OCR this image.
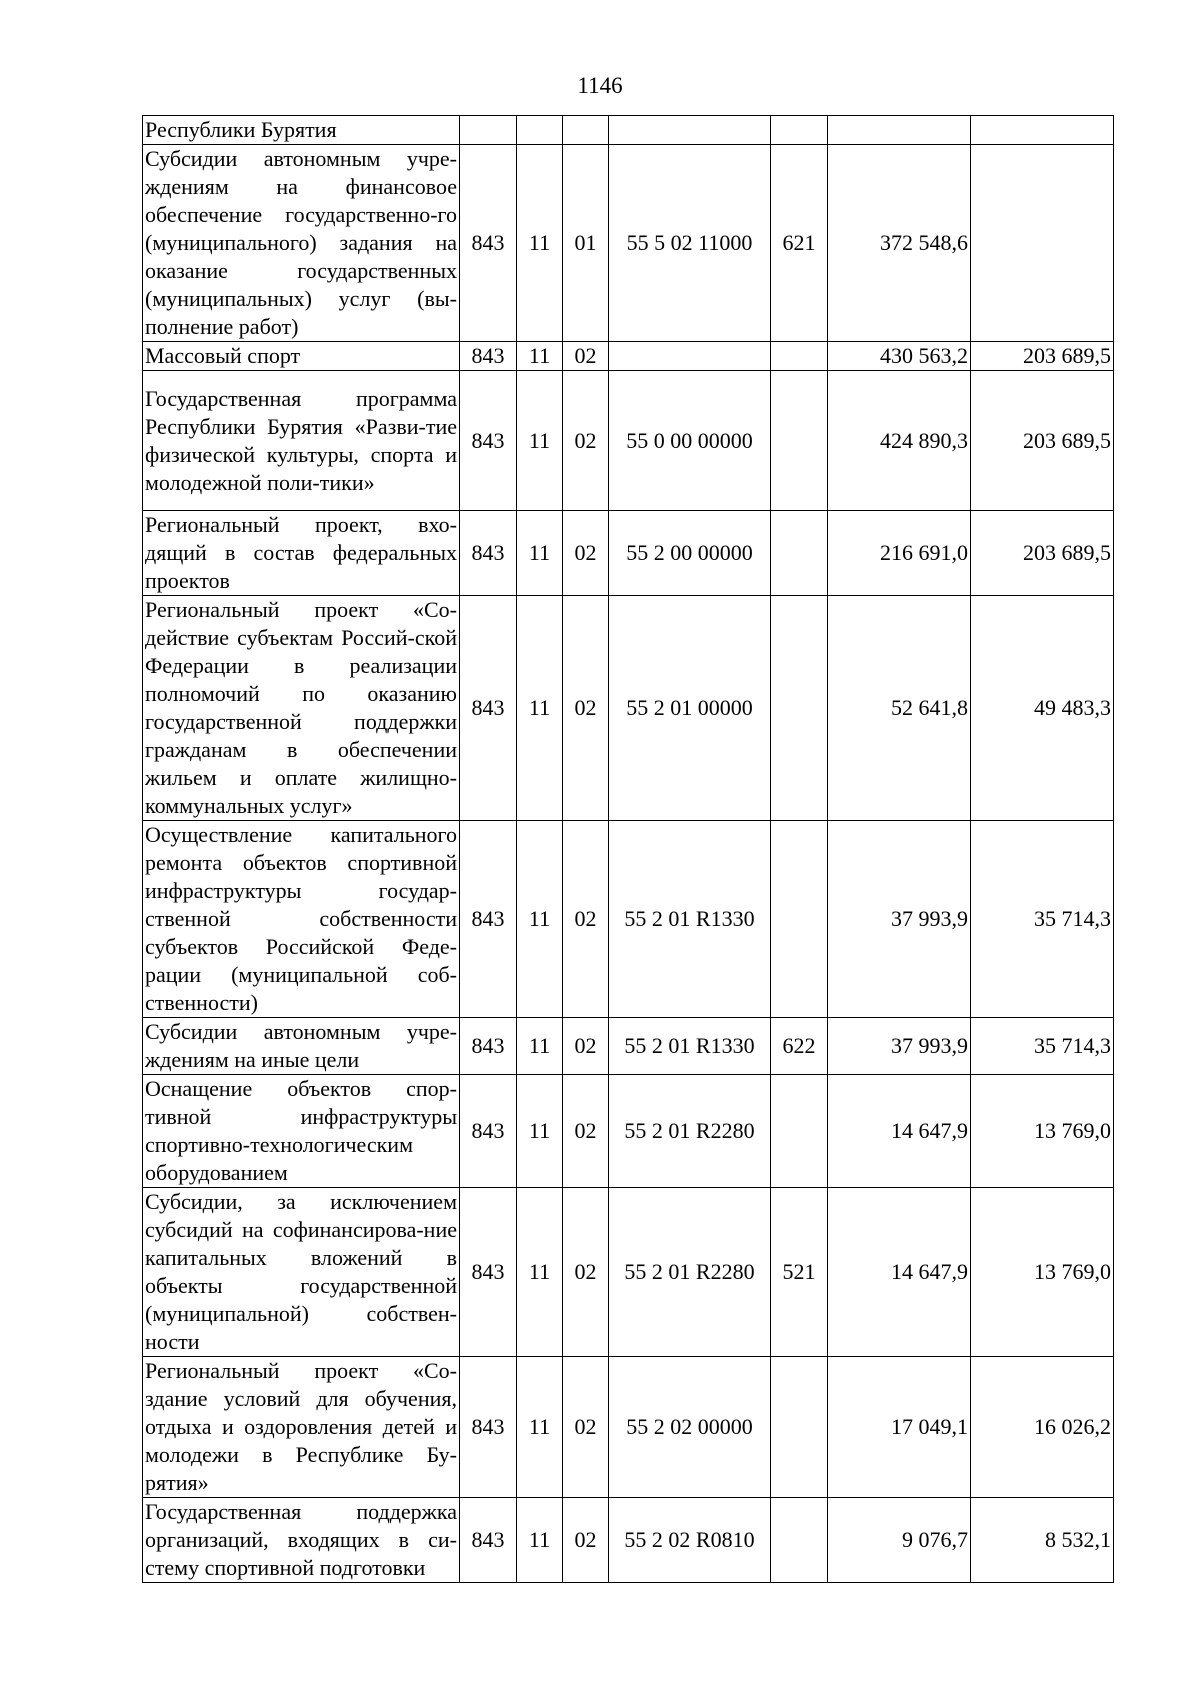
1146
Республики Бурятия							
Субсидии автономным учре-ждениям на финансовое обеспечение государственно-го (муниципального) задания на оказание государственных (муниципальных) услуг (вы-полнение работ)	843	11	01	55 5 02 11000	621	372 548,6	
Массовый спорт	843	11	02			430 563,2	203 689,5
Государственная программа Республики Бурятия «Разви-тие физической культуры, спорта и молодежной поли-тики»	843	11	02	55 0 00 00000		424 890,3	203 689,5
Региональный проект, вхо-дящий в состав федеральных проектов	843	11	02	55 2 00 00000		216 691,0	203 689,5
Региональный проект «Со-действие субъектам Россий-ской Федерации в реализации полномочий по оказанию государственной поддержки гражданам в обеспечении жильем и оплате жилищно-коммунальных услуг»	843	11	02	55 2 01 00000		52 641,8	49 483,3
Осуществление капитального ремонта объектов спортивной инфраструктуры государ-ственной собственности субъектов Российской Феде-рации (муниципальной соб-ственности)	843	11	02	55 2 01 R1330		37 993,9	35 714,3
Субсидии автономным учре-ждениям на иные цели	843	11	02	55 2 01 R1330	622	37 993,9	35 714,3
Оснащение объектов спор-тивной инфраструктуры спортивно-технологическим оборудованием	843	11	02	55 2 01 R2280		14 647,9	13 769,0
Субсидии, за исключением субсидий на софинансирова-ние капитальных вложений в объекты государственной (муниципальной) собствен-ности	843	11	02	55 2 01 R2280	521	14 647,9	13 769,0
Региональный проект «Со-здание условий для обучения, отдыха и оздоровления детей и молодежи в Республике Бу-рятия»	843	11	02	55 2 02 00000		17 049,1	16 026,2
Государственная поддержка организаций, входящих в си-стему спортивной подготовки	843	11	02	55 2 02 R0810		9 076,7	8 532,1
